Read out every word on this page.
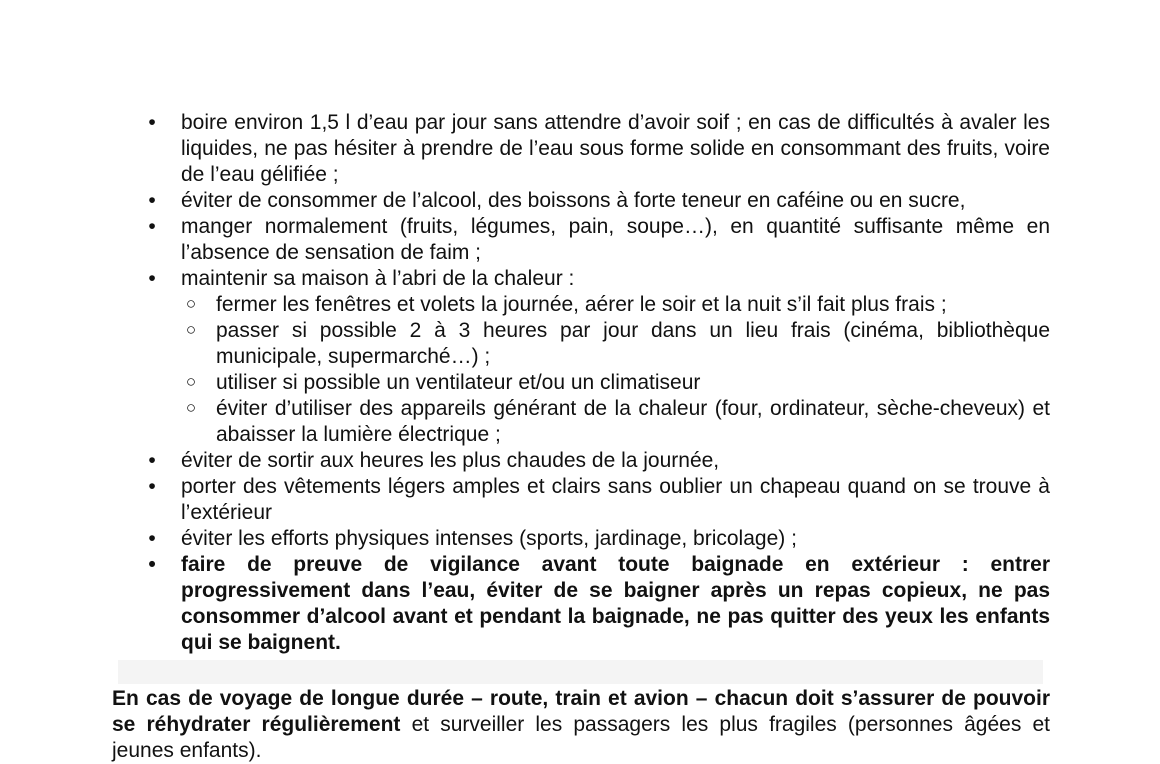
• boire environ 1,5 l d’eau par jour sans attendre d’avoir soif ; en cas de difficultés à avaler les liquides, ne pas hésiter à prendre de l’eau sous forme solide en consommant des fruits, voire de l’eau gélifiée ;
• éviter de consommer de l’alcool, des boissons à forte teneur en caféine ou en sucre,
• manger normalement (fruits, légumes, pain, soupe…), en quantité suffisante même en l’absence de sensation de faim ;
• maintenir sa maison à l’abri de la chaleur :
○ fermer les fenêtres et volets la journée, aérer le soir et la nuit s’il fait plus frais ;
○ passer si possible 2 à 3 heures par jour dans un lieu frais (cinéma, bibliothèque municipale, supermarché…) ;
○ utiliser si possible un ventilateur et/ou un climatiseur
○ éviter d’utiliser des appareils générant de la chaleur (four, ordinateur, sèche-cheveux) et abaisser la lumière électrique ;
• éviter de sortir aux heures les plus chaudes de la journée,
• porter des vêtements légers amples et clairs sans oublier un chapeau quand on se trouve à l’extérieur
• éviter les efforts physiques intenses (sports, jardinage, bricolage) ;
• faire de preuve de vigilance avant toute baignade en extérieur : entrer progressivement dans l’eau, éviter de se baigner après un repas copieux, ne pas consommer d’alcool avant et pendant la baignade, ne pas quitter des yeux les enfants qui se baignent.

En cas de voyage de longue durée – route, train et avion – chacun doit s’assurer de pouvoir se réhydrater régulièrement et surveiller les passagers les plus fragiles (personnes âgées et jeunes enfants).
